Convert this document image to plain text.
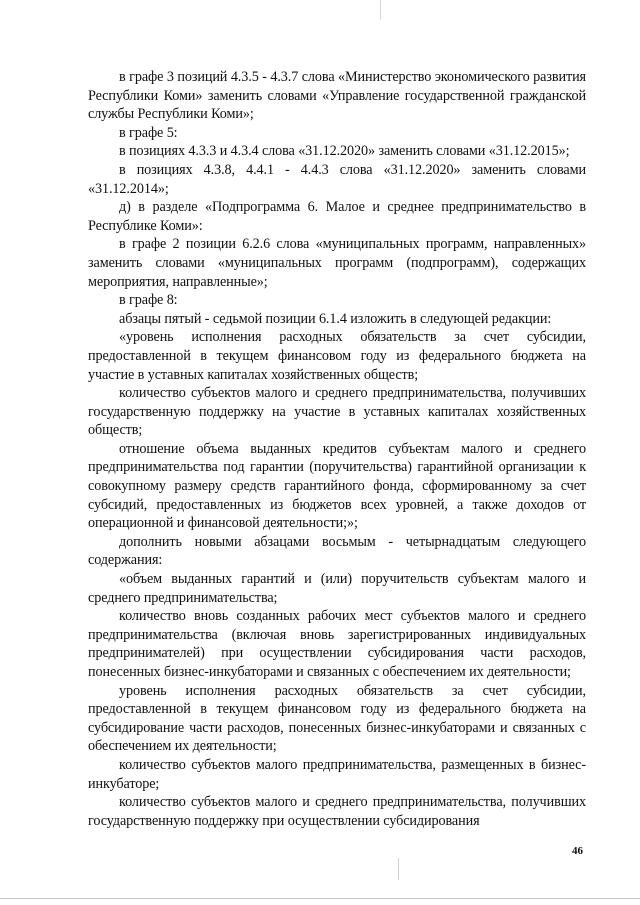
в графе 3 позиций 4.3.5 - 4.3.7 слова «Министерство экономического развития Республики Коми» заменить словами «Управление государственной гражданской службы Республики Коми»;

в графе 5:

в позициях 4.3.3 и 4.3.4 слова «31.12.2020» заменить словами «31.12.2015»;

в позициях 4.3.8, 4.4.1 - 4.4.3 слова «31.12.2020» заменить словами «31.12.2014»;

д) в разделе «Подпрограмма 6. Малое и среднее предпринимательство в Республике Коми»:

в графе 2 позиции 6.2.6 слова «муниципальных программ, направленных» заменить словами «муниципальных программ (подпрограмм), содержащих мероприятия, направленные»;

в графе 8:

абзацы пятый - седьмой позиции 6.1.4 изложить в следующей редакции:

«уровень исполнения расходных обязательств за счет субсидии, предоставленной в текущем финансовом году из федерального бюджета на участие в уставных капиталах хозяйственных обществ;

количество субъектов малого и среднего предпринимательства, получивших государственную поддержку на участие в уставных капиталах хозяйственных обществ;

отношение объема выданных кредитов субъектам малого и среднего предпринимательства под гарантии (поручительства) гарантийной организации к совокупному размеру средств гарантийного фонда, сформированному за счет субсидий, предоставленных из бюджетов всех уровней, а также доходов от операционной и финансовой деятельности;»;

дополнить новыми абзацами восьмым - четырнадцатым следующего содержания:

«объем выданных гарантий и (или) поручительств субъектам малого и среднего предпринимательства;

количество вновь созданных рабочих мест субъектов малого и среднего предпринимательства (включая вновь зарегистрированных индивидуальных предпринимателей) при осуществлении субсидирования части расходов, понесенных бизнес-инкубаторами и связанных с обеспечением их деятельности;

уровень исполнения расходных обязательств за счет субсидии, предоставленной в текущем финансовом году из федерального бюджета на субсидирование части расходов, понесенных бизнес-инкубаторами и связанных с обеспечением их деятельности;

количество субъектов малого предпринимательства, размещенных в бизнес-инкубаторе;

количество субъектов малого и среднего предпринимательства, получивших государственную поддержку при осуществлении субсидирования

46
